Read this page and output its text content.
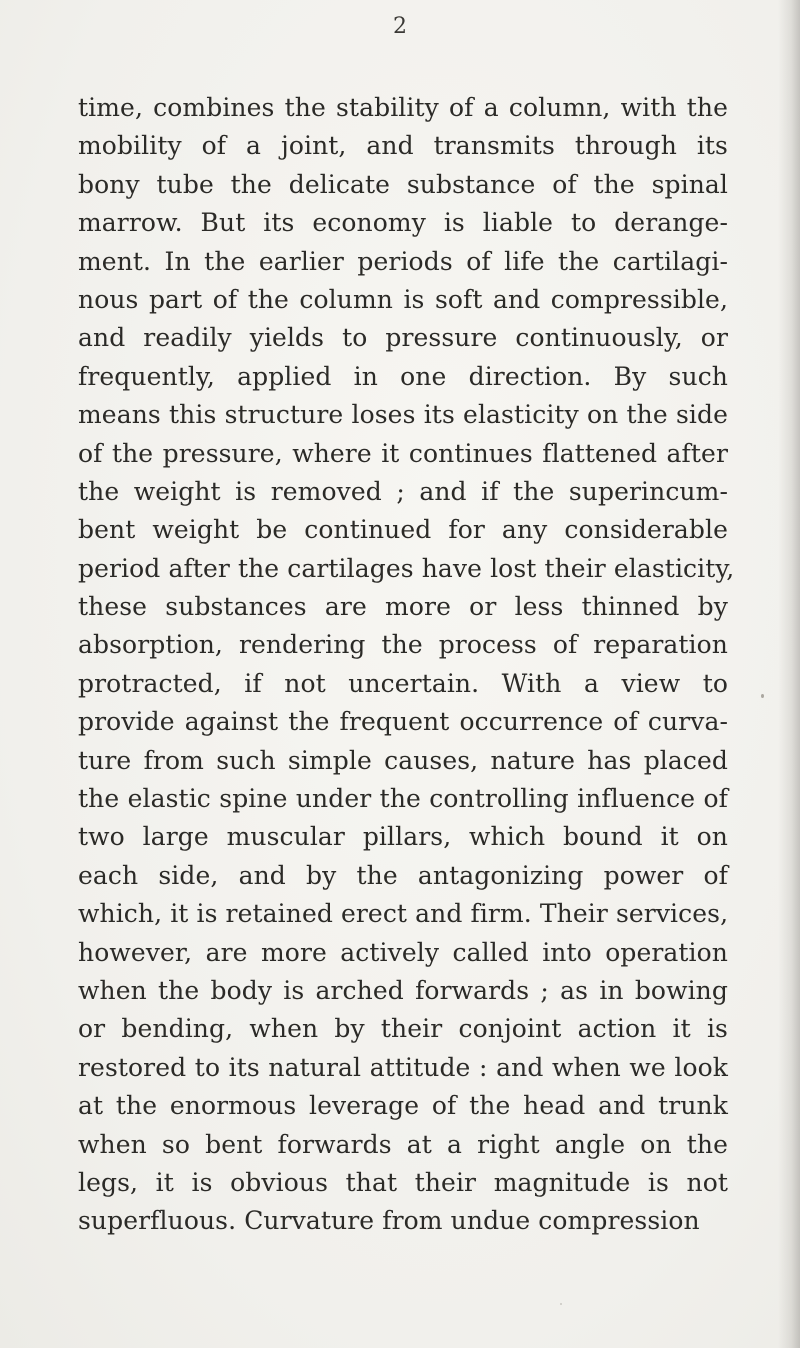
2
time, combines the stability of a column, with the
mobility of a joint, and transmits through its
bony tube the delicate substance of the spinal
marrow. But its economy is liable to derange-
ment. In the earlier periods of life the cartilagi-
nous part of the column is soft and compressible,
and readily yields to pressure continuously, or
frequently, applied in one direction. By such
means this structure loses its elasticity on the side
of the pressure, where it continues flattened after
the weight is removed ; and if the superincum-
bent weight be continued for any considerable
period after the cartilages have lost their elasticity,
these substances are more or less thinned by
absorption, rendering the process of reparation
protracted, if not uncertain. With a view to
provide against the frequent occurrence of curva-
ture from such simple causes, nature has placed
the elastic spine under the controlling influence of
two large muscular pillars, which bound it on
each side, and by the antagonizing power of
which, it is retained erect and firm. Their services,
however, are more actively called into operation
when the body is arched forwards ; as in bowing
or bending, when by their conjoint action it is
restored to its natural attitude : and when we look
at the enormous leverage of the head and trunk
when so bent forwards at a right angle on the
legs, it is obvious that their magnitude is not
superfluous. Curvature from undue compression
